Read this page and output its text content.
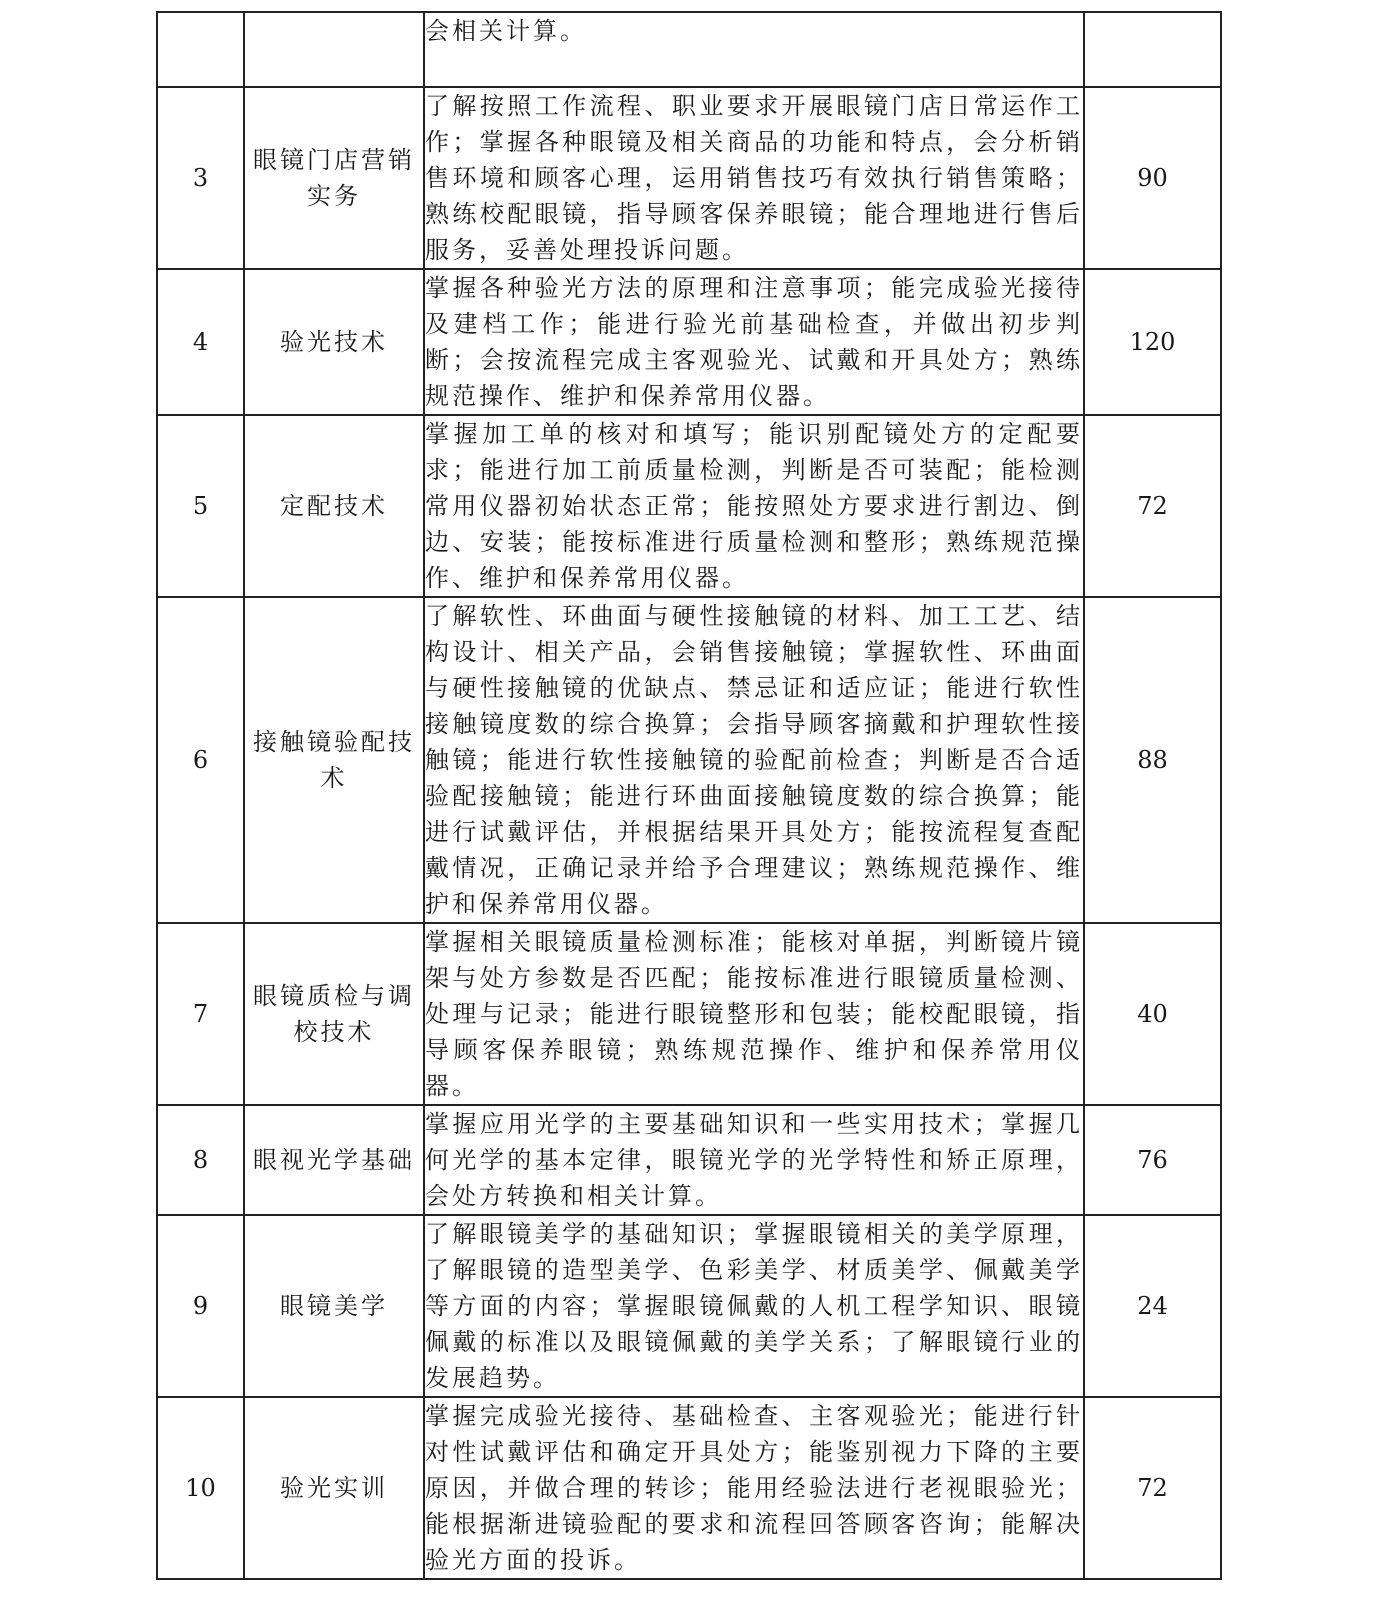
		会相关计算。	
3	眼镜门店营销实务	了解按照工作流程、职业要求开展眼镜门店日常运作工作；掌握各种眼镜及相关商品的功能和特点，会分析销售环境和顾客心理，运用销售技巧有效执行销售策略；熟练校配眼镜，指导顾客保养眼镜；能合理地进行售后服务，妥善处理投诉问题。	90
4	验光技术	掌握各种验光方法的原理和注意事项；能完成验光接待及建档工作；能进行验光前基础检查，并做出初步判断；会按流程完成主客观验光、试戴和开具处方；熟练规范操作、维护和保养常用仪器。	120
5	定配技术	掌握加工单的核对和填写；能识别配镜处方的定配要求；能进行加工前质量检测，判断是否可装配；能检测常用仪器初始状态正常；能按照处方要求进行割边、倒边、安装；能按标准进行质量检测和整形；熟练规范操作、维护和保养常用仪器。	72
6	接触镜验配技术	了解软性、环曲面与硬性接触镜的材料、加工工艺、结构设计、相关产品，会销售接触镜；掌握软性、环曲面与硬性接触镜的优缺点、禁忌证和适应证；能进行软性接触镜度数的综合换算；会指导顾客摘戴和护理软性接触镜；能进行软性接触镜的验配前检查；判断是否合适验配接触镜；能进行环曲面接触镜度数的综合换算；能进行试戴评估，并根据结果开具处方；能按流程复查配戴情况，正确记录并给予合理建议；熟练规范操作、维护和保养常用仪器。	88
7	眼镜质检与调校技术	掌握相关眼镜质量检测标准；能核对单据，判断镜片镜架与处方参数是否匹配；能按标准进行眼镜质量检测、处理与记录；能进行眼镜整形和包装；能校配眼镜，指导顾客保养眼镜；熟练规范操作、维护和保养常用仪器。	40
8	眼视光学基础	掌握应用光学的主要基础知识和一些实用技术；掌握几何光学的基本定律，眼镜光学的光学特性和矫正原理，会处方转换和相关计算。	76
9	眼镜美学	了解眼镜美学的基础知识；掌握眼镜相关的美学原理，了解眼镜的造型美学、色彩美学、材质美学、佩戴美学等方面的内容；掌握眼镜佩戴的人机工程学知识、眼镜佩戴的标准以及眼镜佩戴的美学关系；了解眼镜行业的发展趋势。	24
10	验光实训	掌握完成验光接待、基础检查、主客观验光；能进行针对性试戴评估和确定开具处方；能鉴别视力下降的主要原因，并做合理的转诊；能用经验法进行老视眼验光；能根据渐进镜验配的要求和流程回答顾客咨询；能解决验光方面的投诉。	72
